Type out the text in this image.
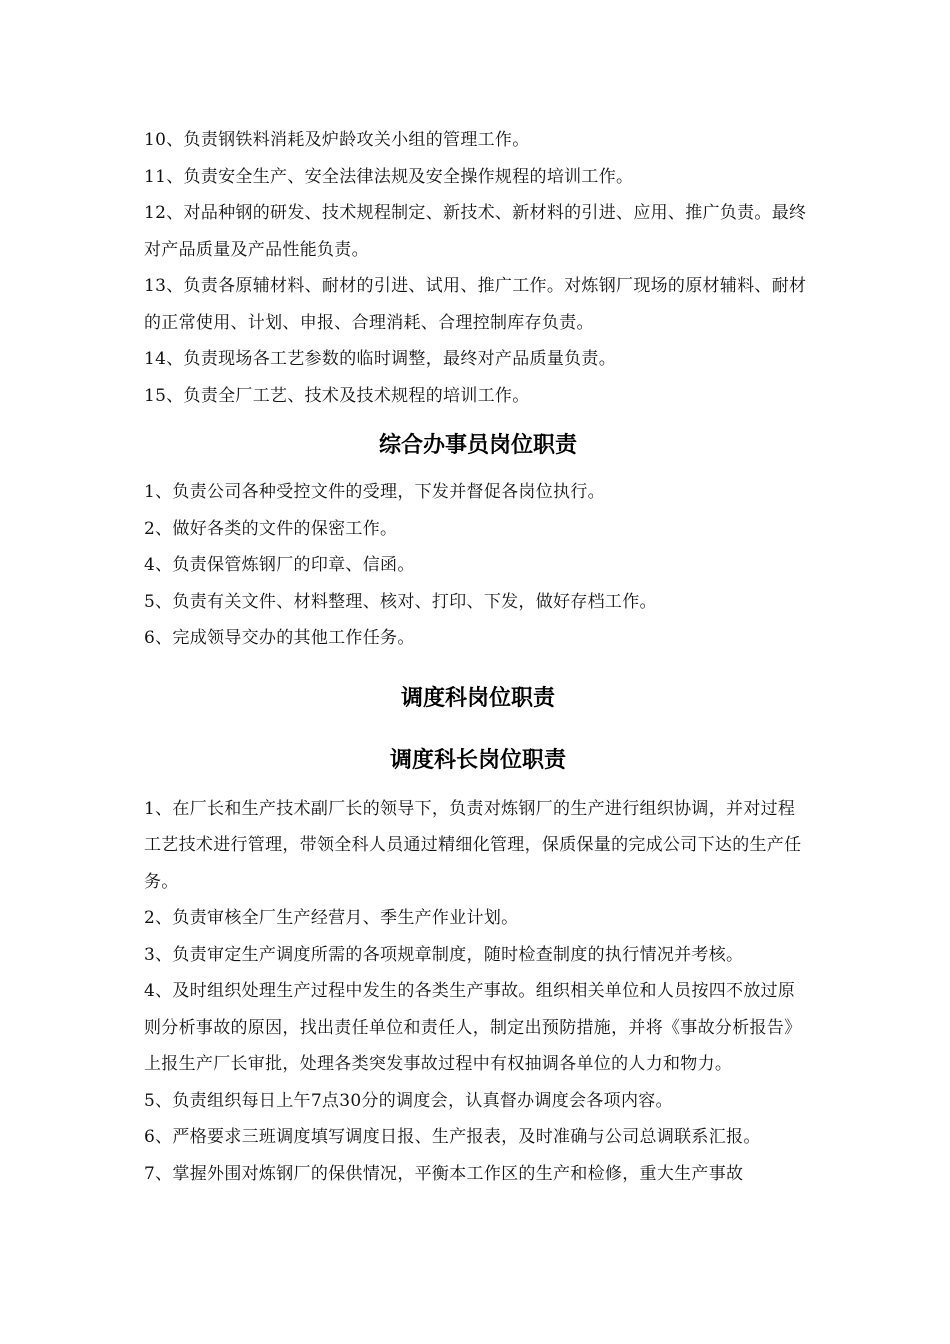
10、负责钢铁料消耗及炉龄攻关小组的管理工作。

11、负责安全生产、安全法律法规及安全操作规程的培训工作。

12、对品种钢的研发、技术规程制定、新技术、新材料的引进、应用、推广负责。最终对产品质量及产品性能负责。

13、负责各原辅材料、耐材的引进、试用、推广工作。对炼钢厂现场的原材辅料、耐材的正常使用、计划、申报、合理消耗、合理控制库存负责。

14、负责现场各工艺参数的临时调整，最终对产品质量负责。

15、负责全厂工艺、技术及技术规程的培训工作。

综合办事员岗位职责

1、负责公司各种受控文件的受理，下发并督促各岗位执行。

2、做好各类的文件的保密工作。

4、负责保管炼钢厂的印章、信函。

5、负责有关文件、材料整理、核对、打印、下发，做好存档工作。

6、完成领导交办的其他工作任务。

调度科岗位职责
调度科长岗位职责

1、在厂长和生产技术副厂长的领导下，负责对炼钢厂的生产进行组织协调，并对过程工艺技术进行管理，带领全科人员通过精细化管理，保质保量的完成公司下达的生产任务。

2、负责审核全厂生产经营月、季生产作业计划。

3、负责审定生产调度所需的各项规章制度，随时检查制度的执行情况并考核。

4、及时组织处理生产过程中发生的各类生产事故。组织相关单位和人员按四不放过原则分析事故的原因，找出责任单位和责任人，制定出预防措施，并将《事故分析报告》上报生产厂长审批，处理各类突发事故过程中有权抽调各单位的人力和物力。

5、负责组织每日上午7点30分的调度会，认真督办调度会各项内容。

6、严格要求三班调度填写调度日报、生产报表，及时准确与公司总调联系汇报。

7、掌握外围对炼钢厂的保供情况，平衡本工作区的生产和检修，重大生产事故
